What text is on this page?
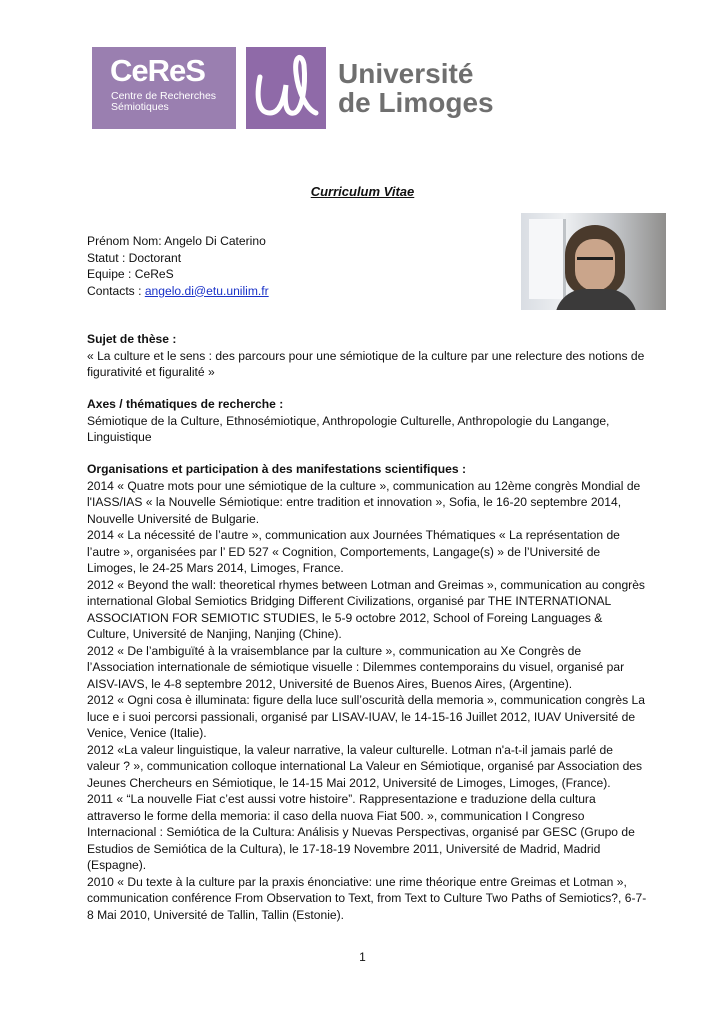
CeReS
Centre de Recherches
Sémiotiques
Université
de Limoges
Curriculum Vitae

Prénom Nom: Angelo Di Caterino

Statut : Doctorant

Equipe : CeReS

Contacts : angelo.di@etu.unilim.fr

Sujet de thèse :

« La culture et le sens : des parcours pour une sémiotique de la culture par une relecture des notions de figurativité et figuralité »

Axes / thématiques de recherche :

Sémiotique de la Culture, Ethnosémiotique, Anthropologie Culturelle, Anthropologie du Langange, Linguistique

Organisations et participation à des manifestations scientifiques :

2014 « Quatre mots pour une sémiotique de la culture », communication au 12ème congrès Mondial de l'IASS/IAS « la Nouvelle Sémiotique: entre tradition et innovation », Sofia, le 16-20 septembre 2014, Nouvelle Université de Bulgarie.

2014 « La nécessité de l’autre », communication aux Journées Thématiques « La représentation de l’autre », organisées par l’ ED 527 « Cognition, Comportements, Langage(s) » de l’Université de Limoges, le 24-25 Mars 2014, Limoges, France.

2012 « Beyond the wall: theoretical rhymes between Lotman and Greimas », communication au congrès international Global Semiotics Bridging Different Civilizations, organisé par THE INTERNATIONAL ASSOCIATION FOR SEMIOTIC STUDIES, le 5-9 octobre 2012, School of Foreing Languages & Culture, Université de Nanjing, Nanjing (Chine).

2012 « De l’ambiguïté à la vraisemblance par la culture », communication au Xe Congrès de l’Association internationale de sémiotique visuelle : Dilemmes contemporains du visuel, organisé par AISV-IAVS, le 4-8 septembre 2012, Université de Buenos Aires, Buenos Aires, (Argentine).

2012 « Ogni cosa è illuminata: figure della luce sull’oscurità della memoria », communication congrès La luce e i suoi percorsi passionali, organisé par LISAV-IUAV, le 14-15-16 Juillet 2012, IUAV Université de Venice, Venice (Italie).

2012 «La valeur linguistique, la valeur narrative, la valeur culturelle. Lotman n'a-t-il jamais parlé de valeur ? », communication colloque international La Valeur en Sémiotique, organisé par Association des Jeunes Chercheurs en Sémiotique, le 14-15 Mai 2012, Université de Limoges, Limoges, (France).

2011 « “La nouvelle Fiat c’est aussi votre histoire”. Rappresentazione e traduzione della cultura attraverso le forme della memoria: il caso della nuova Fiat 500. », communication I Congreso Internacional : Semiótica de la Cultura: Análisis y Nuevas Perspectivas, organisé par GESC (Grupo de Estudios de Semiótica de la Cultura), le 17-18-19 Novembre 2011, Université de Madrid, Madrid (Espagne).

2010 « Du texte à la culture par la praxis énonciative: une rime théorique entre Greimas et Lotman », communication conférence From Observation to Text, from Text to Culture Two Paths of Semiotics?, 6-7-8 Mai 2010, Université de Tallin, Tallin (Estonie).

1
